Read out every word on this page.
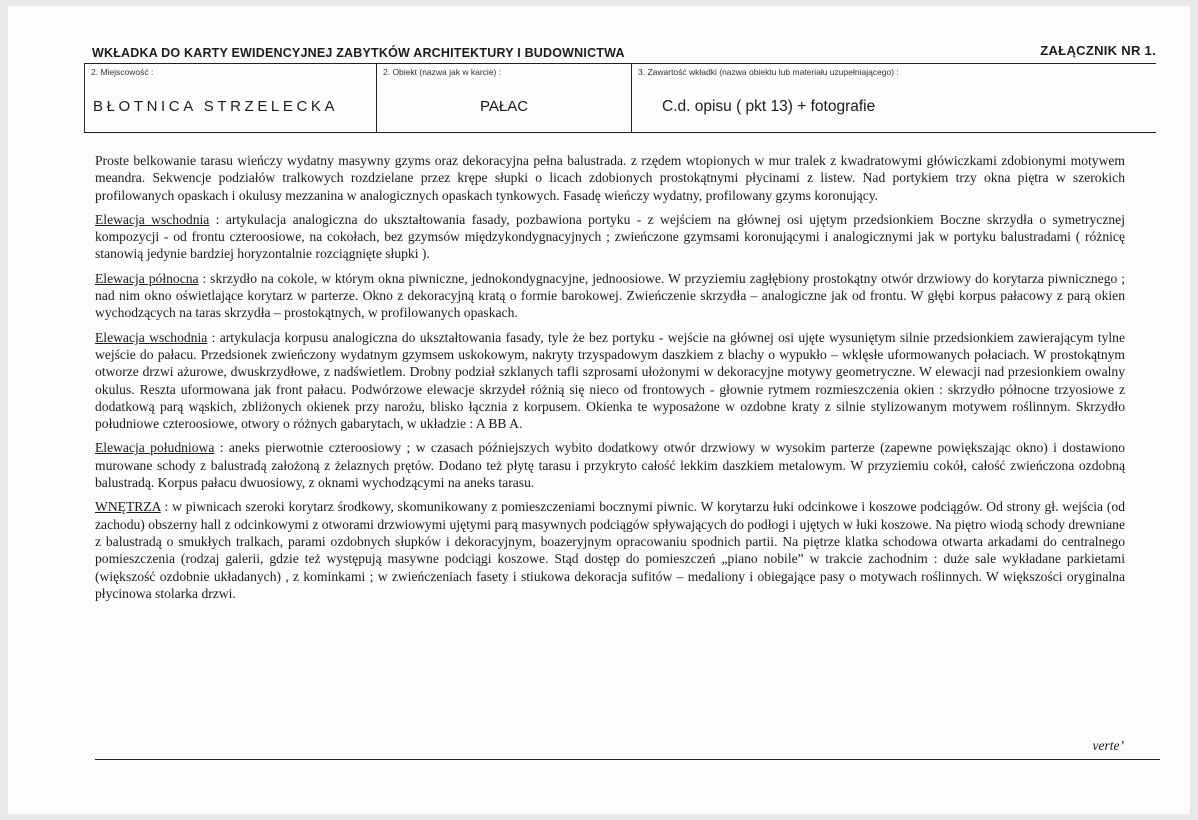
WKŁADKA DO KARTY EWIDENCYJNEJ ZABYTKÓW ARCHITEKTURY I BUDOWNICTWA	ZAŁĄCZNIK NR 1.
2. Miejscowość :
BŁOTNICA STRZELECKA
2. Obiekt (nazwa jak w karcie) :
PAŁAC
3. Zawartość wkładki (nazwa obiektu lub materiału uzupełniającego) :
C.d. opisu ( pkt 13) + fotografie

Proste belkowanie tarasu wieńczy wydatny masywny gzyms oraz dekoracyjna pełna balustrada. z rzędem wtopionych w mur tralek z kwadratowymi główiczkami zdobionymi motywem meandra. Sekwencje podziałów tralkowych rozdzielane przez krępe słupki o licach zdobionych prostokątnymi płycinami z listew. Nad portykiem trzy okna piętra w szerokich profilowanych opaskach i okulusy mezzanina w analogicznych opaskach tynkowych. Fasadę wieńczy wydatny, profilowany gzyms koronujący.

Elewacja wschodnia : artykulacja analogiczna do ukształtowania fasady, pozbawiona portyku - z wejściem na głównej osi ujętym przedsionkiem Boczne skrzydła o symetrycznej kompozycji - od frontu czteroosiowe, na cokołach, bez gzymsów międzykondygnacyjnych ; zwieńczone gzymsami koronującymi i analogicznymi jak w portyku balustradami ( różnicę stanowią jedynie bardziej horyzontalnie rozciągnięte słupki ).

Elewacja północna : skrzydło na cokole, w którym okna piwniczne, jednokondygnacyjne, jednoosiowe. W przyziemiu zagłębiony prostokątny otwór drzwiowy do korytarza piwnicznego ; nad nim okno oświetlające korytarz w parterze. Okno z dekoracyjną kratą o formie barokowej. Zwieńczenie skrzydła – analogiczne jak od frontu. W głębi korpus pałacowy z parą okien wychodzących na taras skrzydła – prostokątnych, w profilowanych opaskach.

Elewacja wschodnia : artykulacja korpusu analogiczna do ukształtowania fasady, tyle że bez portyku - wejście na głównej osi ujęte wysuniętym silnie przedsionkiem zawierającym tylne wejście do pałacu. Przedsionek zwieńczony wydatnym gzymsem uskokowym, nakryty trzyspadowym daszkiem z blachy o wypukło – wklęsłe uformowanych połaciach. W prostokątnym otworze drzwi ażurowe, dwuskrzydłowe, z nadświetlem. Drobny podział szklanych tafli szprosami ułożonymi w dekoracyjne motywy geometryczne. W elewacji nad przesionkiem owalny okulus. Reszta uformowana jak front pałacu. Podwórzowe elewacje skrzydeł różnią się nieco od frontowych - głownie rytmem rozmieszczenia okien : skrzydło północne trzyosiowe z dodatkową parą wąskich, zbliżonych okienek przy narożu, blisko łącznia z korpusem. Okienka te wyposażone w ozdobne kraty z silnie stylizowanym motywem roślinnym. Skrzydło południowe czteroosiowe, otwory o różnych gabarytach, w układzie : A BB A.

Elewacja południowa : aneks pierwotnie czteroosiowy ; w czasach późniejszych wybito dodatkowy otwór drzwiowy w wysokim parterze (zapewne powiększając okno) i dostawiono murowane schody z balustradą założoną z żelaznych prętów. Dodano też płytę tarasu i przykryto całość lekkim daszkiem metalowym. W przyziemiu cokół, całość zwieńczona ozdobną balustradą. Korpus pałacu dwuosiowy, z oknami wychodzącymi na aneks tarasu.

WNĘTRZA : w piwnicach szeroki korytarz środkowy, skomunikowany z pomieszczeniami bocznymi piwnic. W korytarzu łuki odcinkowe i koszowe podciągów. Od strony gł. wejścia (od zachodu) obszerny hall z odcinkowymi z otworami drzwiowymi ujętymi parą masywnych podciągów spływających do podłogi i ujętych w łuki koszowe. Na piętro wiodą schody drewniane z balustradą o smukłych tralkach, parami ozdobnych słupków i dekoracyjnym, boazeryjnym opracowaniu spodnich partii. Na piętrze klatka schodowa otwarta arkadami do centralnego pomieszczenia (rodzaj galerii, gdzie też występują masywne podciągi koszowe. Stąd dostęp do pomieszczeń „piano nobile” w trakcie zachodnim : duże sale wykładane parkietami (większość ozdobnie układanych) , z kominkami ; w zwieńczeniach fasety i stiukowa dekoracja sufitów – medaliony i obiegające pasy o motywach roślinnych. W większości oryginalna płycinowa stolarka drzwi.

verte’
